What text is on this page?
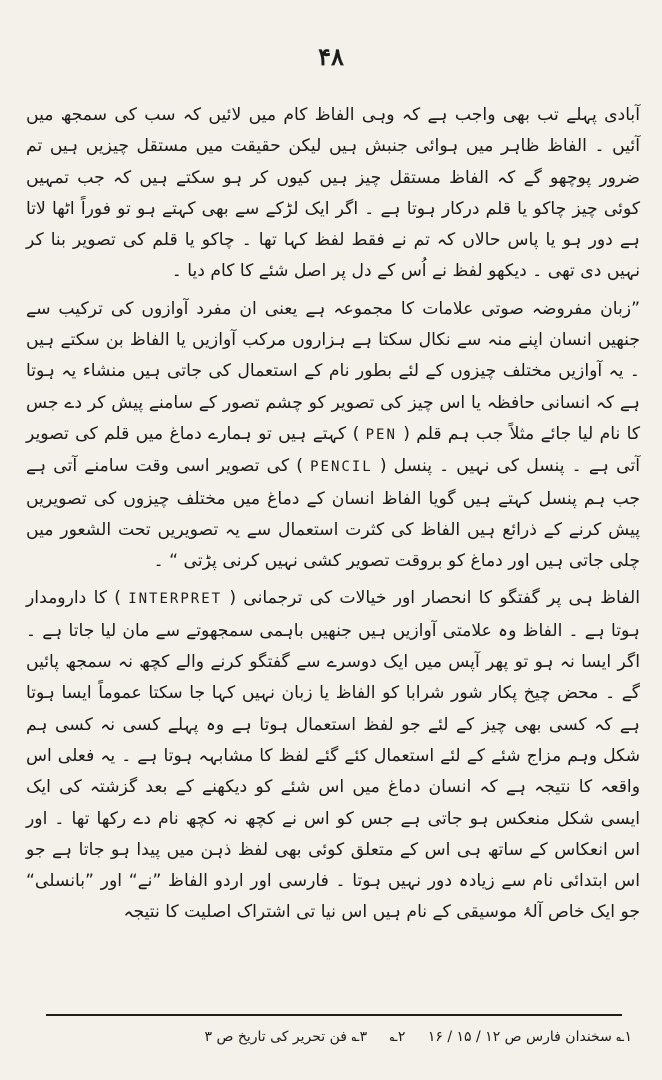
۴۸

آبادی پہلے تب بھی واجب ہے کہ وہی الفاظ کام میں لائیں کہ سب کی سمجھ میں آئیں ۔ الفاظ ظاہر میں ہوائی جنبش ہیں لیکن حقیقت میں مستقل چیزیں ہیں تم ضرور پوچھو گے کہ الفاظ مستقل چیز ہیں کیوں کر ہو سکتے ہیں کہ جب تمہیں کوئی چیز چاکو یا قلم درکار ہوتا ہے ۔ اگر ایک لڑکے سے بھی کہتے ہو تو فوراً اٹھا لاتا ہے دور ہو یا پاس حالاں کہ تم نے فقط لفظ کہا تھا ۔ چاکو یا قلم کی تصویر بنا کر نہیں دی تھی ۔ دیکھو لفظ نے اُس کے دل پر اصل شئے کا کام دیا ۔

”زبان مفروضہ صوتی علامات کا مجموعہ ہے یعنی ان مفرد آوازوں کی ترکیب سے جنھیں انسان اپنے منہ سے نکال سکتا ہے ہزاروں مرکب آوازیں یا الفاظ بن سکتے ہیں ۔ یہ آوازیں مختلف چیزوں کے لئے بطور نام کے استعمال کی جاتی ہیں منشاء یہ ہوتا ہے کہ انسانی حافظہ یا اس چیز کی تصویر کو چشم تصور کے سامنے پیش کر دے جس کا نام لیا جائے مثلاً جب ہم قلم ( PEN ) کہتے ہیں تو ہمارے دماغ میں قلم کی تصویر آتی ہے ۔ پنسل کی نہیں ۔ پنسل ( PENCIL ) کی تصویر اسی وقت سامنے آتی ہے جب ہم پنسل کہتے ہیں گویا الفاظ انسان کے دماغ میں مختلف چیزوں کی تصویریں پیش کرنے کے ذرائع ہیں الفاظ کی کثرت استعمال سے یہ تصویریں تحت الشعور میں چلی جاتی ہیں اور دماغ کو بروقت تصویر کشی نہیں کرنی پڑتی “ ۔

الفاظ ہی پر گفتگو کا انحصار اور خیالات کی ترجمانی ( INTERPRET ) کا دارومدار ہوتا ہے ۔ الفاظ وہ علامتی آوازیں ہیں جنھیں باہمی سمجھوتے سے مان لیا جاتا ہے ۔ اگر ایسا نہ ہو تو پھر آپس میں ایک دوسرے سے گفتگو کرنے والے کچھ نہ سمجھ پائیں گے ۔ محض چیخ پکار شور شرابا کو الفاظ یا زبان نہیں کہا جا سکتا عموماً ایسا ہوتا ہے کہ کسی بھی چیز کے لئے جو لفظ استعمال ہوتا ہے وہ پہلے کسی نہ کسی ہم شکل وہم مزاج شئے کے لئے استعمال کئے گئے لفظ کا مشابہہ ہوتا ہے ۔ یہ فعلی اس واقعہ کا نتیجہ ہے کہ انسان دماغ میں اس شئے کو دیکھنے کے بعد گزشتہ کی ایک ایسی شکل منعکس ہو جاتی ہے جس کو اس نے کچھ نہ کچھ نام دے رکھا تھا ۔ اور اس انعکاس کے ساتھ ہی اس کے متعلق کوئی بھی لفظ ذہن میں پیدا ہو جاتا ہے جو اس ابتدائی نام سے زیادہ دور نہیں ہوتا ۔ فارسی اور اردو الفاظ ”نے“ اور ”بانسلی“ جو ایک خاص آلۂ موسیقی کے نام ہیں اس نیا تی اشتراک اصلیت کا نتیجہ

۱؎ سخندان فارس ص ۱۲ / ۱۵ / ۱۶ ۲؎ ۳؎ فن تحریر کی تاریخ ص ۳
